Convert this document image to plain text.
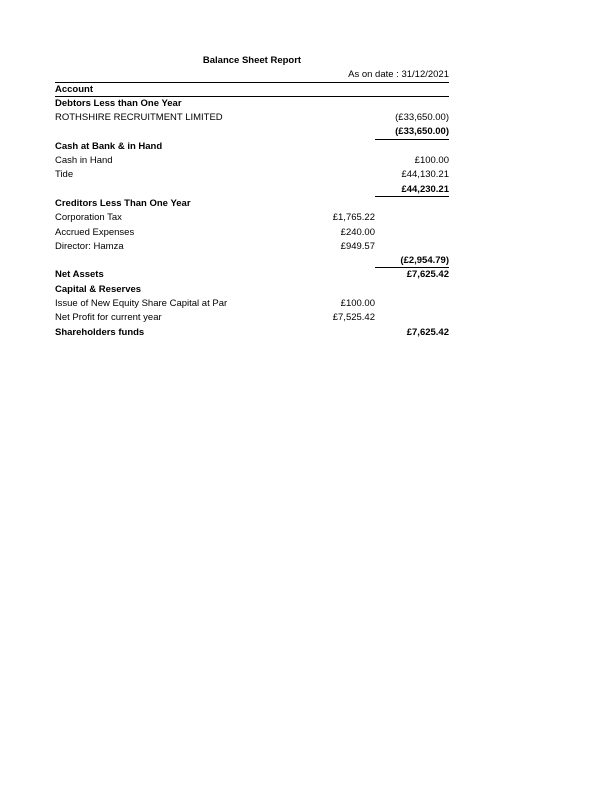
Balance Sheet Report
As on date : 31/12/2021
Account
Debtors Less than One Year
ROTHSHIRE RECRUITMENT LIMITED	(£33,650.00)
(£33,650.00)
Cash at Bank & in Hand
Cash in Hand	£100.00
Tide	£44,130.21
£44,230.21
Creditors Less Than One Year
Corporation Tax	£1,765.22
Accrued Expenses	£240.00
Director: Hamza	£949.57
(£2,954.79)
Net Assets	£7,625.42
Capital & Reserves
Issue of New Equity Share Capital at Par	£100.00
Net Profit for current year	£7,525.42
Shareholders funds	£7,625.42
